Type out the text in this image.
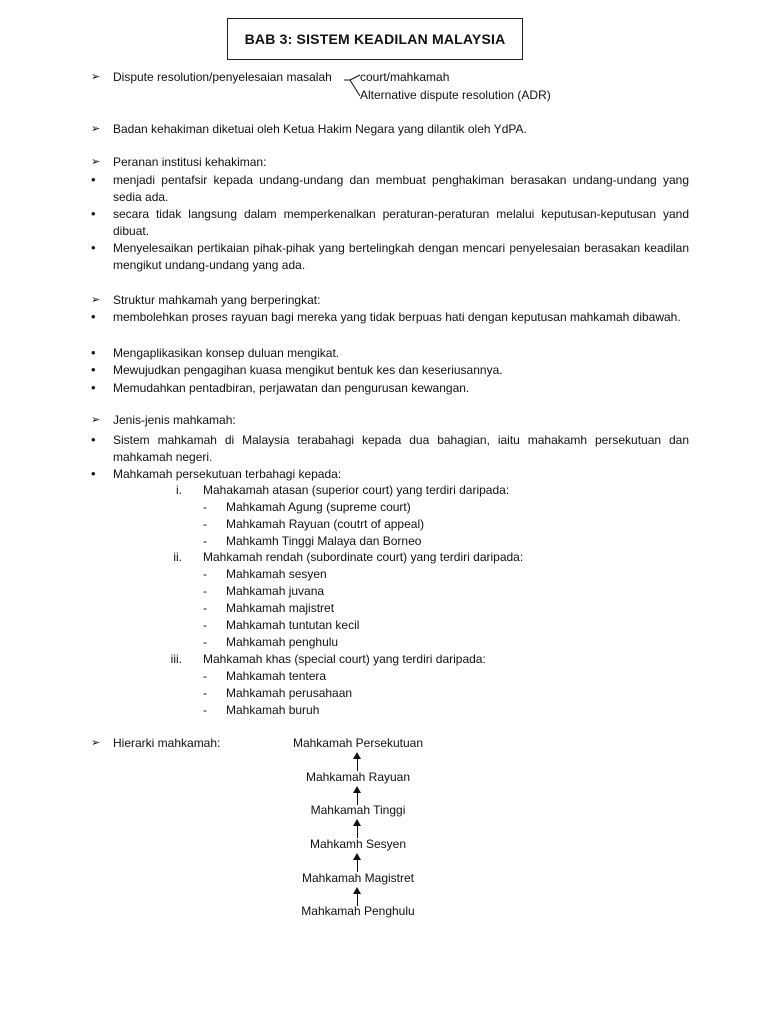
BAB 3: SISTEM KEADILAN MALAYSIA
➢ Dispute resolution/penyelesaian masalah court/mahkamah
Alternative dispute resolution (ADR)
➢ Badan kehakiman diketuai oleh Ketua Hakim Negara yang dilantik oleh YdPA.
➢ Peranan institusi kehakiman:
• menjadi pentafsir kepada undang-undang dan membuat penghakiman berasakan undang-undang yang sedia ada.
• secara tidak langsung dalam memperkenalkan peraturan-peraturan melalui keputusan-keputusan yand dibuat.
• Menyelesaikan pertikaian pihak-pihak yang bertelingkah dengan mencari penyelesaian berasakan keadilan mengikut undang-undang yang ada.
➢ Struktur mahkamah yang berperingkat:
• membolehkan proses rayuan bagi mereka yang tidak berpuas hati dengan keputusan mahkamah dibawah.
• Mengaplikasikan konsep duluan mengikat.
• Mewujudkan pengagihan kuasa mengikut bentuk kes dan keseriusannya.
• Memudahkan pentadbiran, perjawatan dan pengurusan kewangan.
➢ Jenis-jenis mahkamah:
• Sistem mahkamah di Malaysia terabahagi kepada dua bahagian, iaitu mahakamh persekutuan dan mahkamah negeri.
• Mahkamah persekutuan terbahagi kepada:
i. Mahakamah atasan (superior court) yang terdiri daripada:
- Mahkamah Agung (supreme court)
- Mahkamah Rayuan (coutrt of appeal)
- Mahkamh Tinggi Malaya dan Borneo
ii. Mahkamah rendah (subordinate court) yang terdiri daripada:
- Mahkamah sesyen
- Mahkamah juvana
- Mahkamah majistret
- Mahkamah tuntutan kecil
- Mahkamah penghulu
iii. Mahkamah khas (special court) yang terdiri daripada:
- Mahkamah tentera
- Mahkamah perusahaan
- Mahkamah buruh
➢ Hierarki mahkamah:	Mahkamah Persekutuan
Mahkamah Rayuan
Mahkamah Tinggi
Mahkamh Sesyen
Mahkamah Magistret
Mahkamah Penghulu
